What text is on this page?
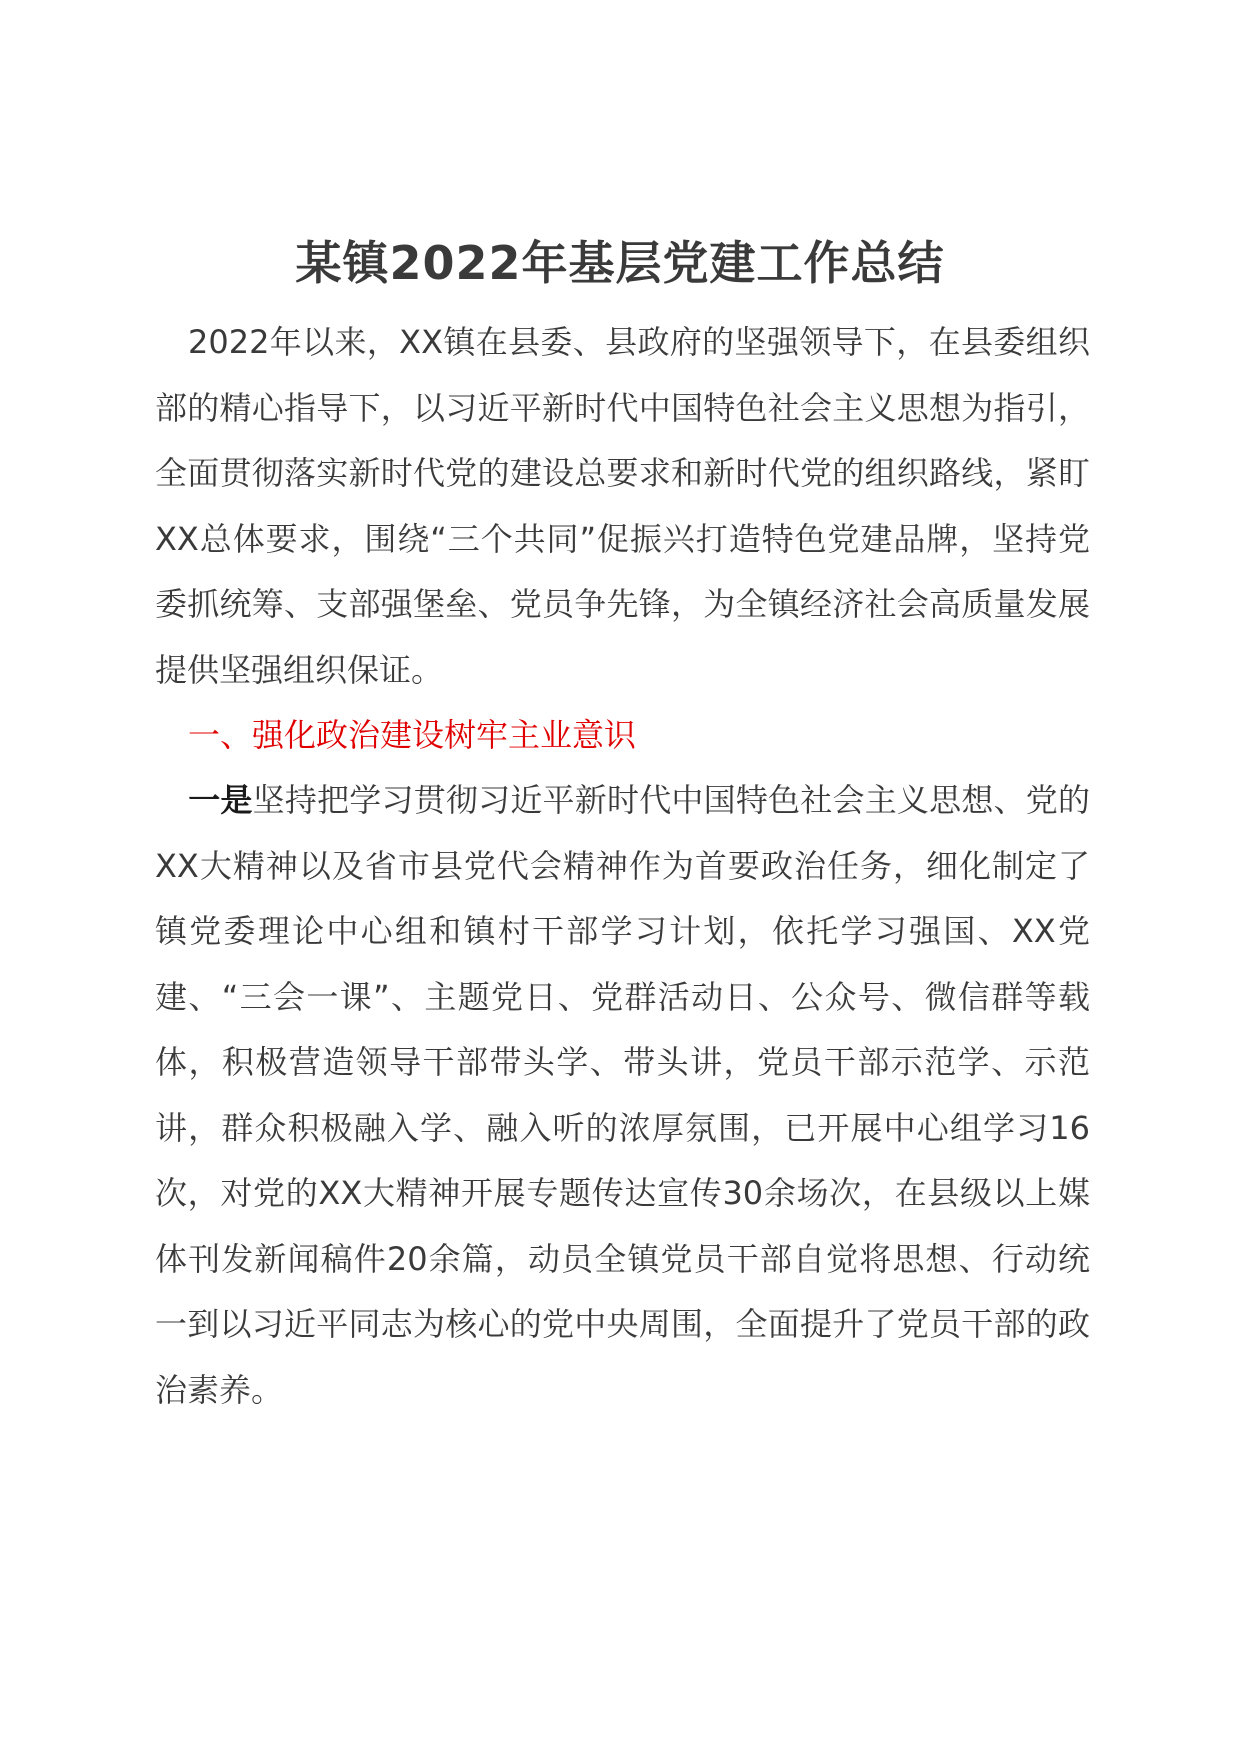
某镇2022年基层党建工作总结
2022年以来，XX镇在县委、县政府的坚强领导下，在县委组织部的精心指导下，以习近平新时代中国特色社会主义思想为指引，全面贯彻落实新时代党的建设总要求和新时代党的组织路线，紧盯XX总体要求，围绕“三个共同”促振兴打造特色党建品牌，坚持党委抓统筹、支部强堡垒、党员争先锋，为全镇经济社会高质量发展提供坚强组织保证。
一、强化政治建设树牢主业意识
一是坚持把学习贯彻习近平新时代中国特色社会主义思想、党的XX大精神以及省市县党代会精神作为首要政治任务，细化制定了镇党委理论中心组和镇村干部学习计划，依托学习强国、XX党建、“三会一课”、主题党日、党群活动日、公众号、微信群等载体，积极营造领导干部带头学、带头讲，党员干部示范学、示范讲，群众积极融入学、融入听的浓厚氛围，已开展中心组学习16次，对党的XX大精神开展专题传达宣传30余场次，在县级以上媒体刊发新闻稿件20余篇，动员全镇党员干部自觉将思想、行动统一到以习近平同志为核心的党中央周围，全面提升了党员干部的政治素养。
